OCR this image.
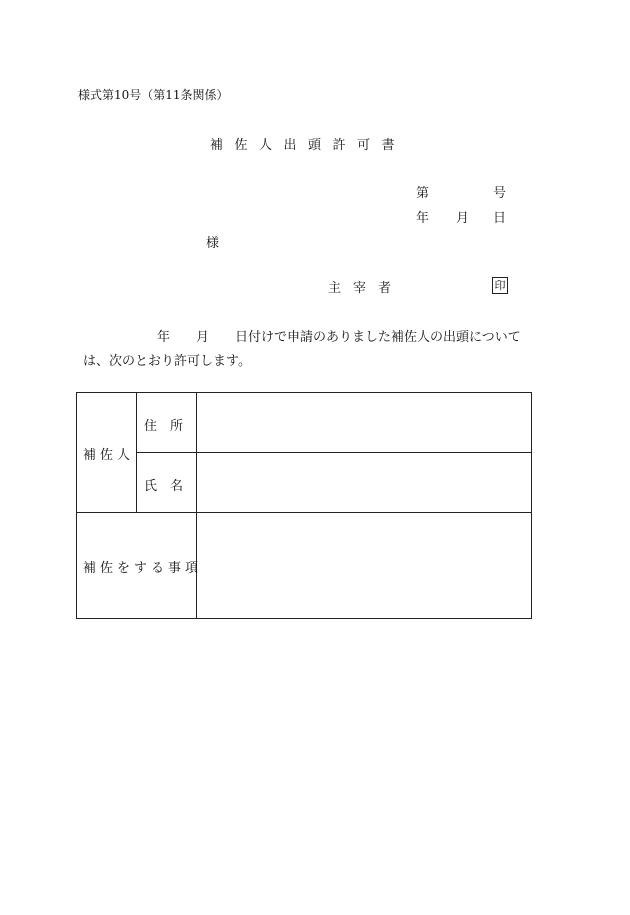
様式第10号（第11条関係）
補佐人出頭許可書
第	号
年 月 日
様
主宰者	印
年　　月　　日付けで申請のありました補佐人の出頭について
は、次のとおり許可します。
補佐人
住　所
氏　名
補佐をする事項
